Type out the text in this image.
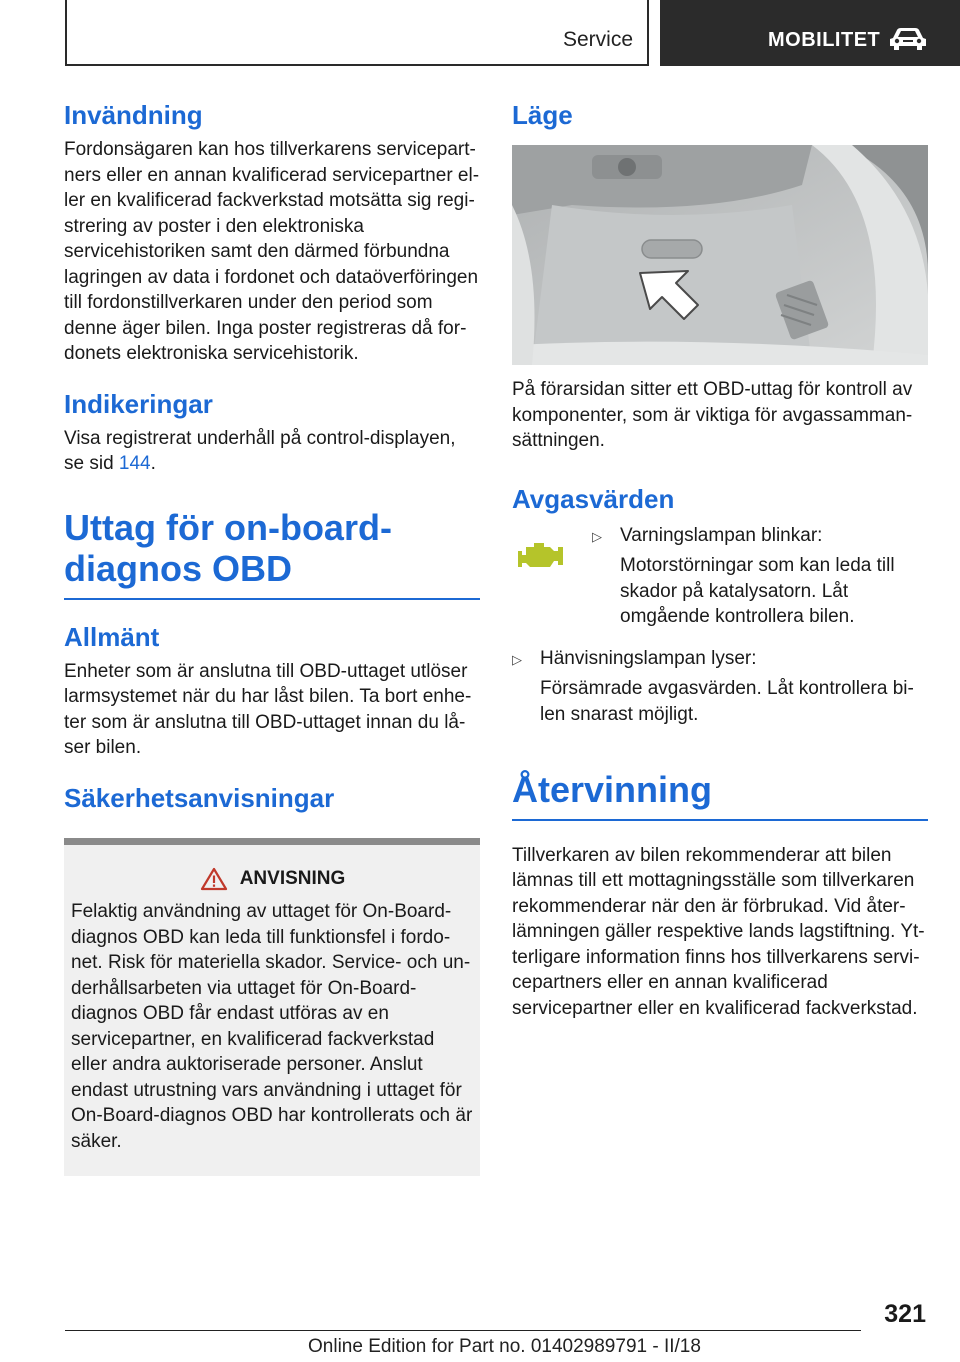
Service	MOBILITET
Invändning

Fordonsägaren kan hos tillverkarens servicepartners eller en annan kvalificerad servicepartner eller en kvalificerad fackverkstad motsätta sig registrering av poster i den elektroniska servicehistoriken samt den därmed förbundna lagringen av data i fordonet och dataöverföringen till fordonstillverkaren under den period som denne äger bilen. Inga poster registreras då fordonets elektroniska servicehistorik.

Indikeringar

Visa registrerat underhåll på control-displayen, se sid 144.

Uttag för on-board-diagnos OBD
Allmänt

Enheter som är anslutna till OBD-uttaget utlöser larmsystemet när du har låst bilen. Ta bort enheter som är anslutna till OBD-uttaget innan du låser bilen.

Säkerhetsanvisningar
ANVISNING

Felaktig användning av uttaget för On-Board-diagnos OBD kan leda till funktionsfel i fordonet. Risk för materiella skador. Service- och underhållsarbeten via uttaget för On-Board-diagnos OBD får endast utföras av en servicepartner, en kvalificerad fackverkstad eller andra auktoriserade personer. Anslut endast utrustning vars användning i uttaget för On-Board-diagnos OBD har kontrollerats och är säker.

Läge

På förarsidan sitter ett OBD-uttag för kontroll av komponenter, som är viktiga för avgassammansättningen.

Avgasvärden
▷ Varningslampan blinkar:
Motorstörningar som kan leda till skador på katalysatorn. Låt omgående kontrollera bilen.
▷ Hänvisningslampan lyser:
Försämrade avgasvärden. Låt kontrollera bilen snarast möjligt.
Återvinning

Tillverkaren av bilen rekommenderar att bilen lämnas till ett mottagningsställe som tillverkaren rekommenderar när den är förbrukad. Vid återlämningen gäller respektive lands lagstiftning. Ytterligare information finns hos tillverkarens servicepartners eller en annan kvalificerad servicepartner eller en kvalificerad fackverkstad.

321
Online Edition for Part no. 01402989791 - II/18
